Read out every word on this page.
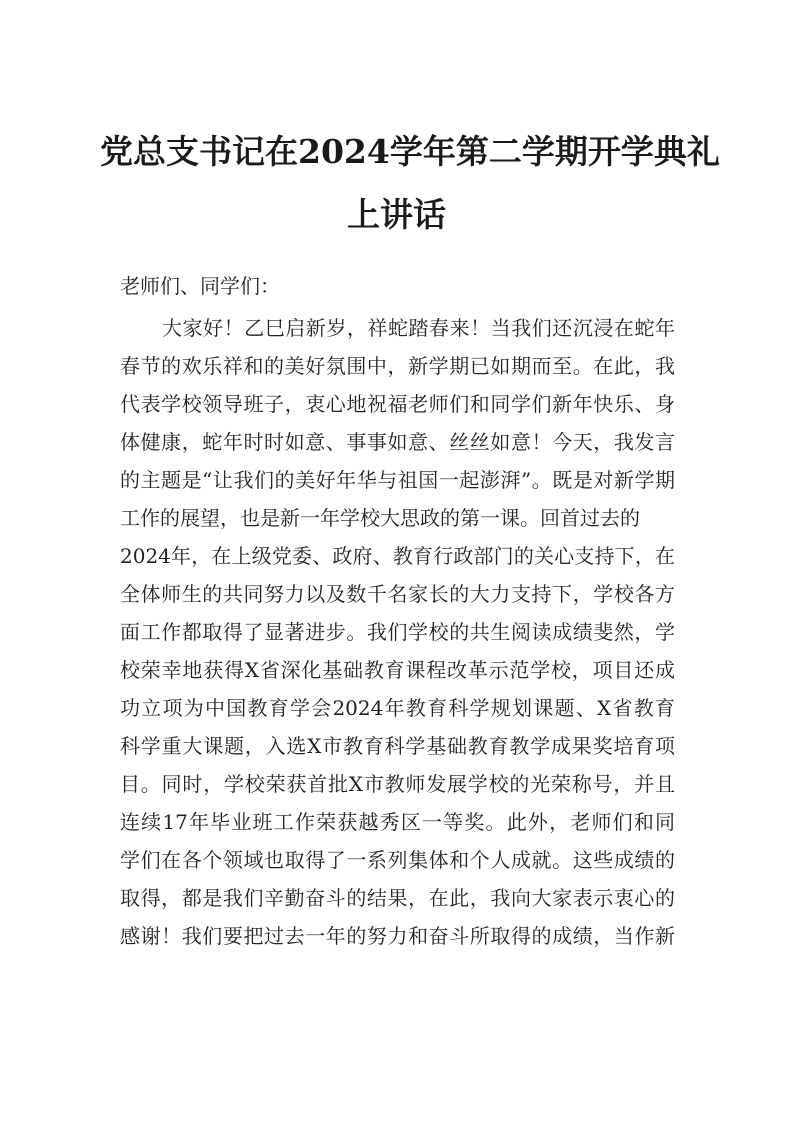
党总支书记在2024学年第二学期开学典礼
上讲话

老师们、同学们：

大家好！乙巳启新岁，祥蛇踏春来！当我们还沉浸在蛇年
春节的欢乐祥和的美好氛围中，新学期已如期而至。在此，我
代表学校领导班子，衷心地祝福老师们和同学们新年快乐、身
体健康，蛇年时时如意、事事如意、丝丝如意！今天，我发言
的主题是“让我们的美好年华与祖国一起澎湃”。既是对新学期
工作的展望，也是新一年学校大思政的第一课。回首过去的
2024年，在上级党委、政府、教育行政部门的关心支持下，在
全体师生的共同努力以及数千名家长的大力支持下，学校各方
面工作都取得了显著进步。我们学校的共生阅读成绩斐然，学
校荣幸地获得X省深化基础教育课程改革示范学校，项目还成
功立项为中国教育学会2024年教育科学规划课题、X省教育
科学重大课题，入选X市教育科学基础教育教学成果奖培育项
目。同时，学校荣获首批X市教师发展学校的光荣称号，并且
连续17年毕业班工作荣获越秀区一等奖。此外，老师们和同
学们在各个领域也取得了一系列集体和个人成就。这些成绩的
取得，都是我们辛勤奋斗的结果，在此，我向大家表示衷心的
感谢！我们要把过去一年的努力和奋斗所取得的成绩，当作新
